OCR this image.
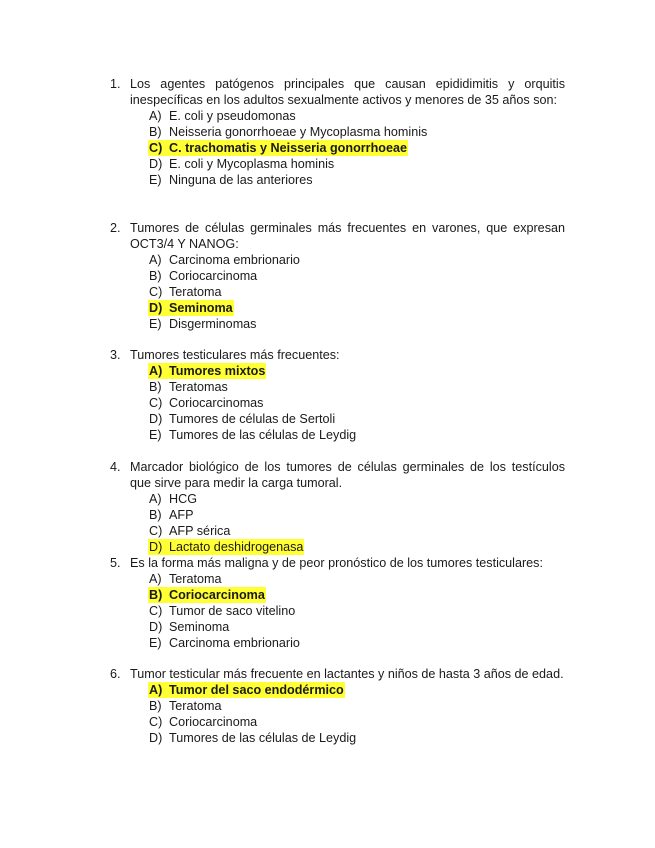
1. Los agentes patógenos principales que causan epididimitis y orquitis inespecíficas en los adultos sexualmente activos y menores de 35 años son:
A) E. coli y pseudomonas
B) Neisseria gonorrhoeae y Mycoplasma hominis
C) C. trachomatis y Neisseria gonorrhoeae
D) E. coli y Mycoplasma hominis
E) Ninguna de las anteriores
2. Tumores de células germinales más frecuentes en varones, que expresan OCT3/4 Y NANOG:
A) Carcinoma embrionario
B) Coriocarcinoma
C) Teratoma
D) Seminoma
E) Disgerminomas
3. Tumores testiculares más frecuentes:
A) Tumores mixtos
B) Teratomas
C) Coriocarcinomas
D) Tumores de células de Sertoli
E) Tumores de las células de Leydig
4. Marcador biológico de los tumores de células germinales de los testículos que sirve para medir la carga tumoral.
A) HCG
B) AFP
C) AFP sérica
D) Lactato deshidrogenasa
5. Es la forma más maligna y de peor pronóstico de los tumores testiculares:
A) Teratoma
B) Coriocarcinoma
C) Tumor de saco vitelino
D) Seminoma
E) Carcinoma embrionario
6. Tumor testicular más frecuente en lactantes y niños de hasta 3 años de edad.
A) Tumor del saco endodérmico
B) Teratoma
C) Coriocarcinoma
D) Tumores de las células de Leydig
